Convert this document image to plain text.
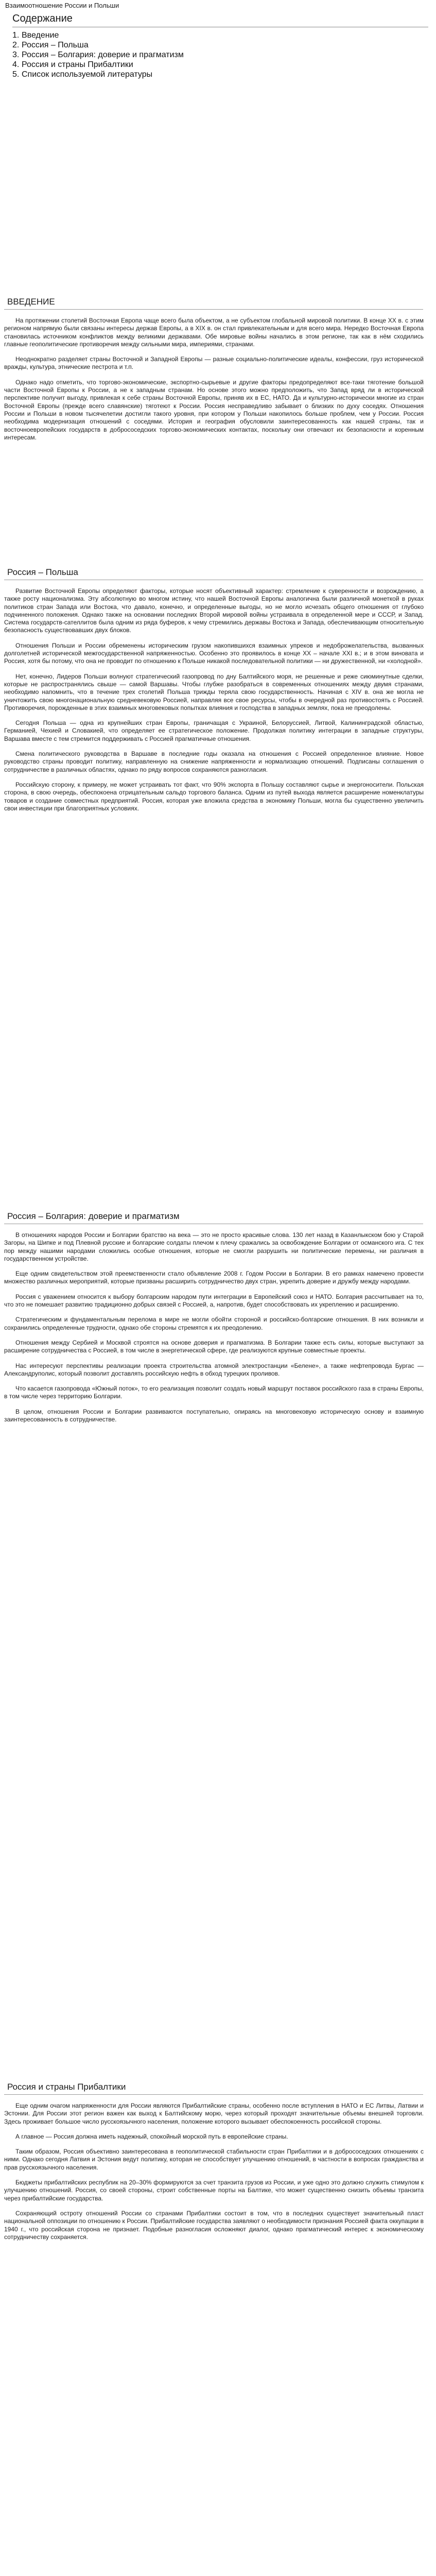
Взаимоотношение России и Польши
Содержание
1. Введение
2. Россия – Польша
3. Россия – Болгария: доверие и прагматизм
4. Россия и страны Прибалтики
5. Список используемой литературы
ВВЕДЕНИЕ

На протяжении столетий Восточная Европа чаще всего была объектом, а не субъектом глобальной мировой политики. В конце XX в. с этим регионом напрямую были связаны интересы держав Европы, а в XIX в. он стал привлекательным и для всего мира. Нередко Восточная Европа становилась источником конфликтов между великими державами. Обе мировые войны начались в этом регионе, так как в нём сходились главные геополитические противоречия между сильными мира, империями, странами.

Неоднократно разделяет страны Восточной и Западной Европы — разные социально-политические идеалы, конфессии, груз исторической вражды, культура, этнические пестрота и т.п.

Однако надо отметить, что торгово-экономические, экспортно-сырьевые и другие факторы предопределяют все-таки тяготение большой части Восточной Европы к России, а не к западным странам. Но основе этого можно предположить, что Запад вряд ли в исторической перспективе получит выгоду, привлекая к себе страны Восточной Европы, приняв их в ЕС, НАТО. Да и культурно-исторически многие из стран Восточной Европы (прежде всего славянские) тяготеют к России. Россия несправедливо забывает о близких по духу соседях. Отношения России и Польши в новом тысячелетии достигли такого уровня, при котором у Польши накопилось больше проблем, чем у России. Россия необходима модернизация отношений с соседями. История и география обусловили заинтересованность как нашей страны, так и восточноевропейских государств в добрососедских торгово-экономических контактах, поскольку они отвечают их безопасности и коренным интересам.

Россия – Польша

Развитие Восточной Европы определяют факторы, которые носят объективный характер: стремление к суверенности и возрождению, а также росту национализма. Эту абсолютную во многом истину, что нашей Восточной Европы аналогична были различной монеткой в руках политиков стран Запада или Востока, что давало, конечно, и определенные выгоды, но не могло исчезать общего отношения от глубоко подчиненного положения. Однако также на основании последних Второй мировой войны устраивала в определенной мере и СССР, и Запад. Система государств-сателлитов была одним из ряда буферов, к чему стремились державы Востока и Запада, обеспечивающим относительную безопасность существовавших двух блоков.

Отношения Польши и России обременены историческим грузом накопившихся взаимных упреков и недоброжелательства, вызванных долголетней исторической межгосударственной напряженностью. Особенно это проявилось в конце XX – начале XXI в.; и в этом виновата и Россия, хотя бы потому, что она не проводит по отношению к Польше никакой последовательной политики — ни дружественной, ни «холодной».

Нет, конечно, Лидеров Польши волнуют стратегический газопровод по дну Балтийского моря, не решенные и реже сиюминутные сделки, которые не распространялись свыше — самой Варшавы. Чтобы глубже разобраться в современных отношениях между двумя странами, необходимо напомнить, что в течение трех столетий Польша трижды теряла свою государственность. Начиная с XIV в. она же могла не уничтожить свою многонациональную средневековую Россией, направляя все свое ресурсы, чтобы в очередной раз противостоять с Россией. Противоречия, порожденные в этих взаимных многовековых попытках влияния и господства в западных землях, пока не преодолены.

Сегодня Польша — одна из крупнейших стран Европы, граничащая с Украиной, Белоруссией, Литвой, Калининградской областью, Германией, Чехией и Словакией, что определяет ее стратегическое положение. Продолжая политику интеграции в западные структуры, Варшава вместе с тем стремится поддерживать с Россией прагматичные отношения.

Смена политического руководства в Варшаве в последние годы оказала на отношения с Россией определенное влияние. Новое руководство страны проводит политику, направленную на снижение напряженности и нормализацию отношений. Подписаны соглашения о сотрудничестве в различных областях, однако по ряду вопросов сохраняются разногласия.

Российскую сторону, к примеру, не может устраивать тот факт, что 90% экспорта в Польшу составляют сырье и энергоносители. Польская сторона, в свою очередь, обеспокоена отрицательным сальдо торгового баланса. Одним из путей выхода является расширение номенклатуры товаров и создание совместных предприятий. Россия, которая уже вложила средства в экономику Польши, могла бы существенно увеличить свои инвестиции при благоприятных условиях.

Россия – Болгария: доверие и прагматизм

В отношениях народов России и Болгарии братство на века — это не просто красивые слова. 130 лет назад в Казанлыкском бою у Старой Загоры, на Шипке и под Плевной русские и болгарские солдаты плечом к плечу сражались за освобождение Болгарии от османского ига. С тех пор между нашими народами сложились особые отношения, которые не смогли разрушить ни политические перемены, ни различия в государственном устройстве.

Еще одним свидетельством этой преемственности стало объявление 2008 г. Годом России в Болгарии. В его рамках намечено провести множество различных мероприятий, которые призваны расширить сотрудничество двух стран, укрепить доверие и дружбу между народами.

Россия с уважением относится к выбору болгарским народом пути интеграции в Европейский союз и НАТО. Болгария рассчитывает на то, что это не помешает развитию традиционно добрых связей с Россией, а, напротив, будет способствовать их укреплению и расширению.

Стратегическим и фундаментальным перелома в мире не могли обойти стороной и российско-болгарские отношения. В них возникли и сохранились определенные трудности, однако обе стороны стремятся к их преодолению.

Отношения между Сербией и Москвой строятся на основе доверия и прагматизма. В Болгарии также есть силы, которые выступают за расширение сотрудничества с Россией, в том числе в энергетической сфере, где реализуются крупные совместные проекты.

Нас интересуют перспективы реализации проекта строительства атомной электростанции «Белене», а также нефтепровода Бургас — Александруполис, который позволит доставлять российскую нефть в обход турецких проливов.

Что касается газопровода «Южный поток», то его реализация позволит создать новый маршрут поставок российского газа в страны Европы, в том числе через территорию Болгарии.

В целом, отношения России и Болгарии развиваются поступательно, опираясь на многовековую историческую основу и взаимную заинтересованность в сотрудничестве.

Россия и страны Прибалтики

Еще одним очагом напряженности для России являются Прибалтийские страны, особенно после вступления в НАТО и ЕС Литвы, Латвии и Эстонии. Для России этот регион важен как выход к Балтийскому морю, через который проходят значительные объемы внешней торговли. Здесь проживает большое число русскоязычного населения, положение которого вызывает обеспокоенность российской стороны.

А главное — Россия должна иметь надежный, спокойный морской путь в европейские страны.

Таким образом, Россия объективно заинтересована в геополитической стабильности стран Прибалтики и в добрососедских отношениях с ними. Однако сегодня Латвия и Эстония ведут политику, которая не способствует улучшению отношений, в частности в вопросах гражданства и прав русскоязычного населения.

Бюджеты прибалтийских республик на 20–30% формируются за счет транзита грузов из России, и уже одно это должно служить стимулом к улучшению отношений. Россия, со своей стороны, строит собственные порты на Балтике, что может существенно снизить объемы транзита через прибалтийские государства.

Сохраняющий остроту отношений России со странами Прибалтики состоит в том, что в последних существует значительный пласт национальной оппозиции по отношению к России. Прибалтийские государства заявляют о необходимости признания Россией факта оккупации в 1940 г., что российская сторона не признает. Подобные разногласия осложняют диалог, однако прагматический интерес к экономическому сотрудничеству сохраняется.
